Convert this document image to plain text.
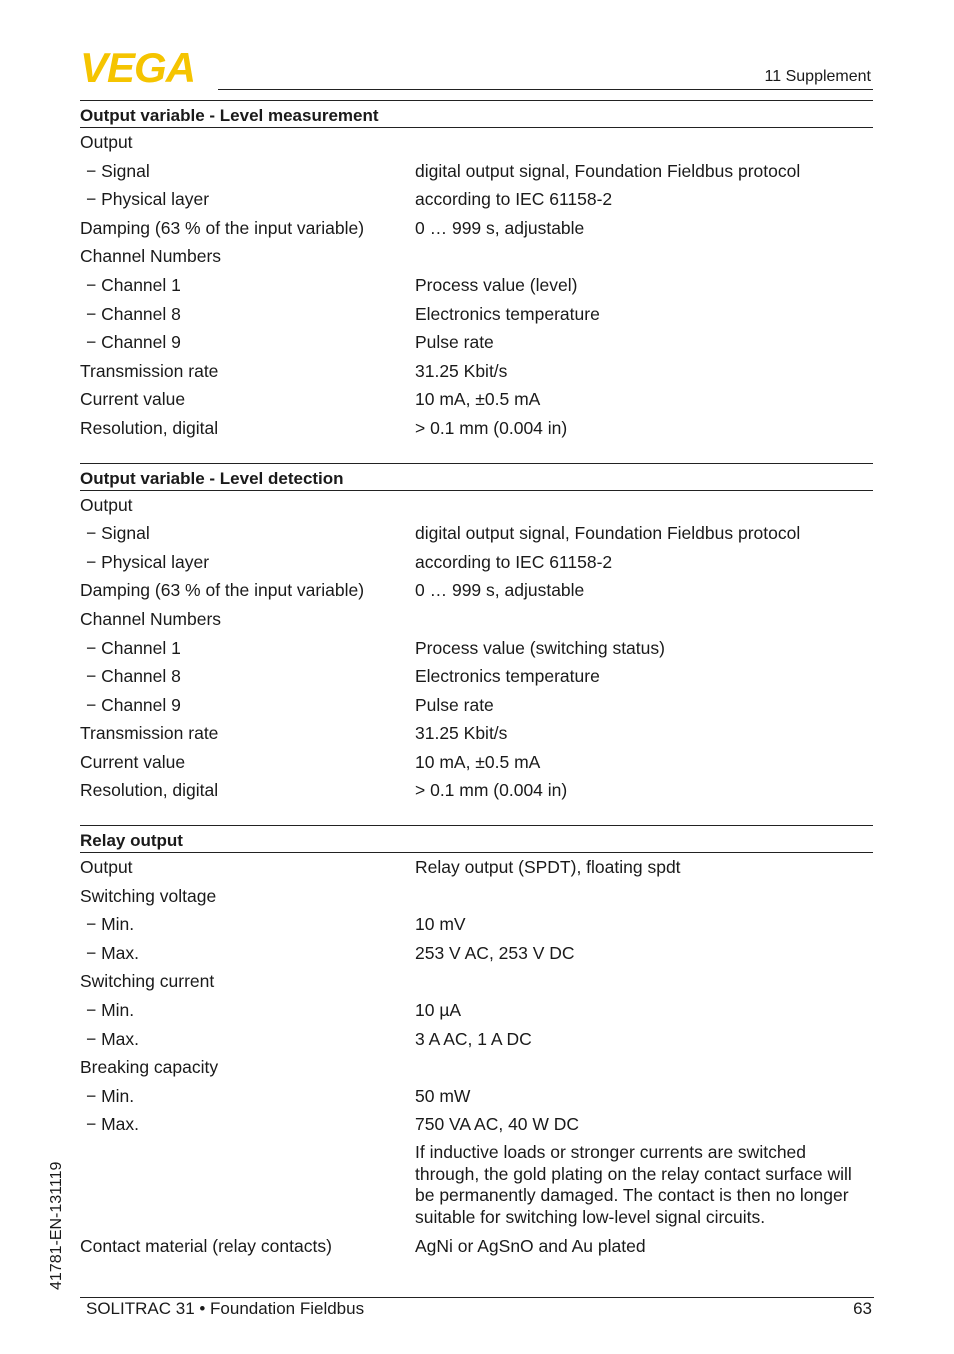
VEGA	11 Supplement
Output variable - Level measurement
Output
− Signal	digital output signal, Foundation Fieldbus protocol
− Physical layer	according to IEC 61158-2
Damping (63 % of the input variable)	0 … 999 s, adjustable
Channel Numbers
− Channel 1	Process value (level)
− Channel 8	Electronics temperature
− Channel 9	Pulse rate
Transmission rate	31.25 Kbit/s
Current value	10 mA, ±0.5 mA
Resolution, digital	> 0.1 mm (0.004 in)
Output variable - Level detection
Output
− Signal	digital output signal, Foundation Fieldbus protocol
− Physical layer	according to IEC 61158-2
Damping (63 % of the input variable)	0 … 999 s, adjustable
Channel Numbers
− Channel 1	Process value (switching status)
− Channel 8	Electronics temperature
− Channel 9	Pulse rate
Transmission rate	31.25 Kbit/s
Current value	10 mA, ±0.5 mA
Resolution, digital	> 0.1 mm (0.004 in)
Relay output
Output	Relay output (SPDT), floating spdt
Switching voltage
− Min.	10 mV
− Max.	253 V AC, 253 V DC
Switching current
− Min.	10 µA
− Max.	3 A AC, 1 A DC
Breaking capacity
− Min.	50 mW
− Max.	750 VA AC, 40 W DC
If inductive loads or stronger currents are switched through, the gold plating on the relay contact surface will be permanently damaged. The contact is then no longer suitable for switching low-level signal circuits.
Contact material (relay contacts)	AgNi or AgSnO and Au plated
41781-EN-131119
SOLITRAC 31 • Foundation Fieldbus	63
